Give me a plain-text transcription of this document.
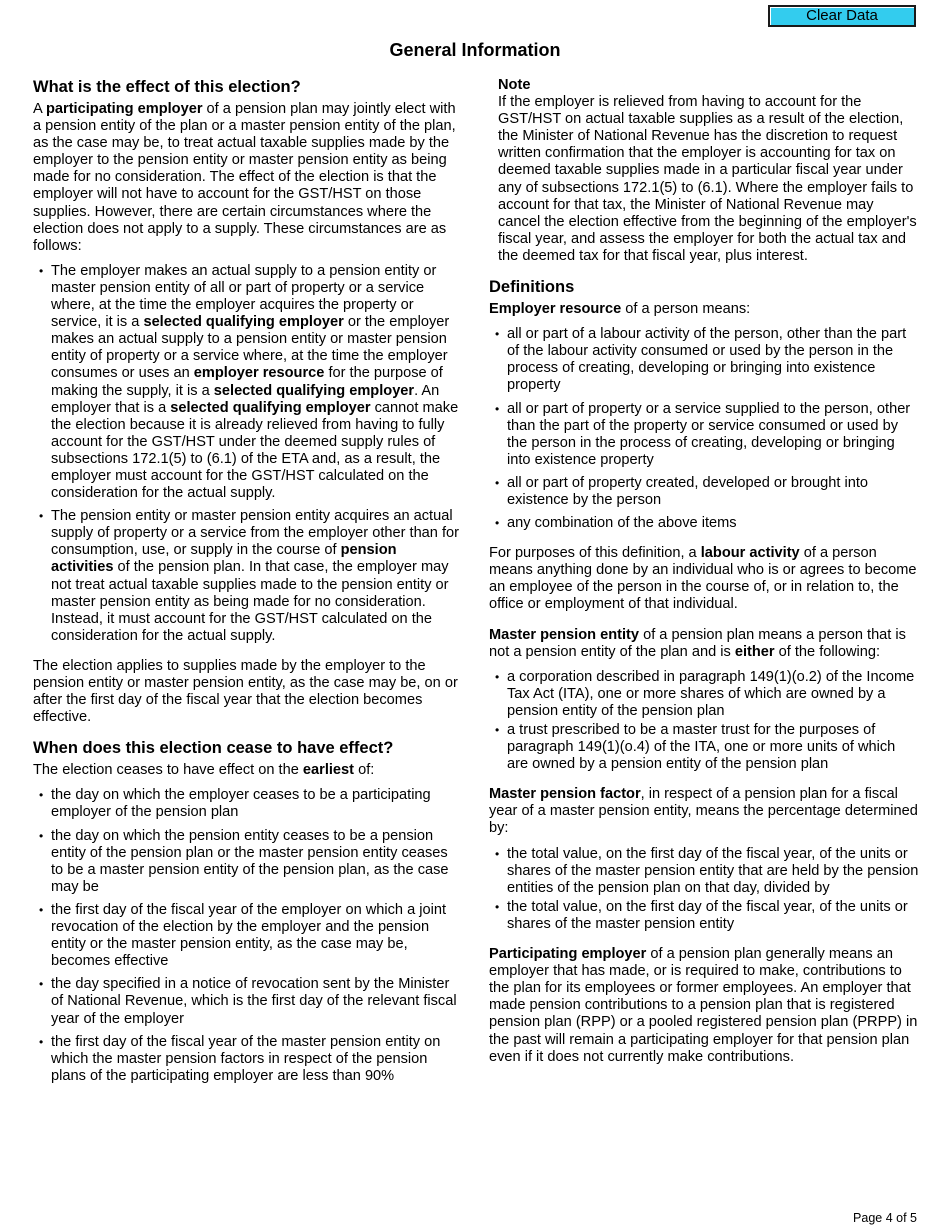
Clear Data
General Information
What is the effect of this election?

A participating employer of a pension plan may jointly elect with a pension entity of the plan or a master pension entity of the plan, as the case may be, to treat actual taxable supplies made by the employer to the pension entity or master pension entity as being made for no consideration. The effect of the election is that the employer will not have to account for the GST/HST on those supplies. However, there are certain circumstances where the election does not apply to a supply. These circumstances are as follows:

• The employer makes an actual supply to a pension entity or master pension entity of all or part of property or a service where, at the time the employer acquires the property or service, it is a selected qualifying employer or the employer makes an actual supply to a pension entity or master pension entity of property or a service where, at the time the employer consumes or uses an employer resource for the purpose of making the supply, it is a selected qualifying employer. An employer that is a selected qualifying employer cannot make the election because it is already relieved from having to fully account for the GST/HST under the deemed supply rules of subsections 172.1(5) to (6.1) of the ETA and, as a result, the employer must account for the GST/HST calculated on the consideration for the actual supply.
• The pension entity or master pension entity acquires an actual supply of property or a service from the employer other than for consumption, use, or supply in the course of pension activities of the pension plan. In that case, the employer may not treat actual taxable supplies made to the pension entity or master pension entity as being made for no consideration. Instead, it must account for the GST/HST calculated on the consideration for the actual supply.

The election applies to supplies made by the employer to the pension entity or master pension entity, as the case may be, on or after the first day of the fiscal year that the election becomes effective.

When does this election cease to have effect?

The election ceases to have effect on the earliest of:

• the day on which the employer ceases to be a participating employer of the pension plan
• the day on which the pension entity ceases to be a pension entity of the pension plan or the master pension entity ceases to be a master pension entity of the pension plan, as the case may be
• the first day of the fiscal year of the employer on which a joint revocation of the election by the employer and the pension entity or the master pension entity, as the case may be, becomes effective
• the day specified in a notice of revocation sent by the Minister of National Revenue, which is the first day of the relevant fiscal year of the employer
• the first day of the fiscal year of the master pension entity on which the master pension factors in respect of the pension plans of the participating employer are less than 90%
Note

If the employer is relieved from having to account for the GST/HST on actual taxable supplies as a result of the election, the Minister of National Revenue has the discretion to request written confirmation that the employer is accounting for tax on deemed taxable supplies made in a particular fiscal year under any of subsections 172.1(5) to (6.1). Where the employer fails to account for that tax, the Minister of National Revenue may cancel the election effective from the beginning of the employer's fiscal year, and assess the employer for both the actual tax and the deemed tax for that fiscal year, plus interest.

Definitions

Employer resource of a person means:

• all or part of a labour activity of the person, other than the part of the labour activity consumed or used by the person in the process of creating, developing or bringing into existence property
• all or part of property or a service supplied to the person, other than the part of the property or service consumed or used by the person in the process of creating, developing or bringing into existence property
• all or part of property created, developed or brought into existence by the person
• any combination of the above items

For purposes of this definition, a labour activity of a person means anything done by an individual who is or agrees to become an employee of the person in the course of, or in relation to, the office or employment of that individual.

Master pension entity of a pension plan means a person that is not a pension entity of the plan and is either of the following:

• a corporation described in paragraph 149(1)(o.2) of the Income Tax Act (ITA), one or more shares of which are owned by a pension entity of the pension plan
• a trust prescribed to be a master trust for the purposes of paragraph 149(1)(o.4) of the ITA, one or more units of which are owned by a pension entity of the pension plan

Master pension factor, in respect of a pension plan for a fiscal year of a master pension entity, means the percentage determined by:

• the total value, on the first day of the fiscal year, of the units or shares of the master pension entity that are held by the pension entities of the pension plan on that day, divided by
• the total value, on the first day of the fiscal year, of the units or shares of the master pension entity

Participating employer of a pension plan generally means an employer that has made, or is required to make, contributions to the plan for its employees or former employees. An employer that made pension contributions to a pension plan that is registered pension plan (RPP) or a pooled registered pension plan (PRPP) in the past will remain a participating employer for that pension plan even if it does not currently make contributions.

Page 4 of 5
